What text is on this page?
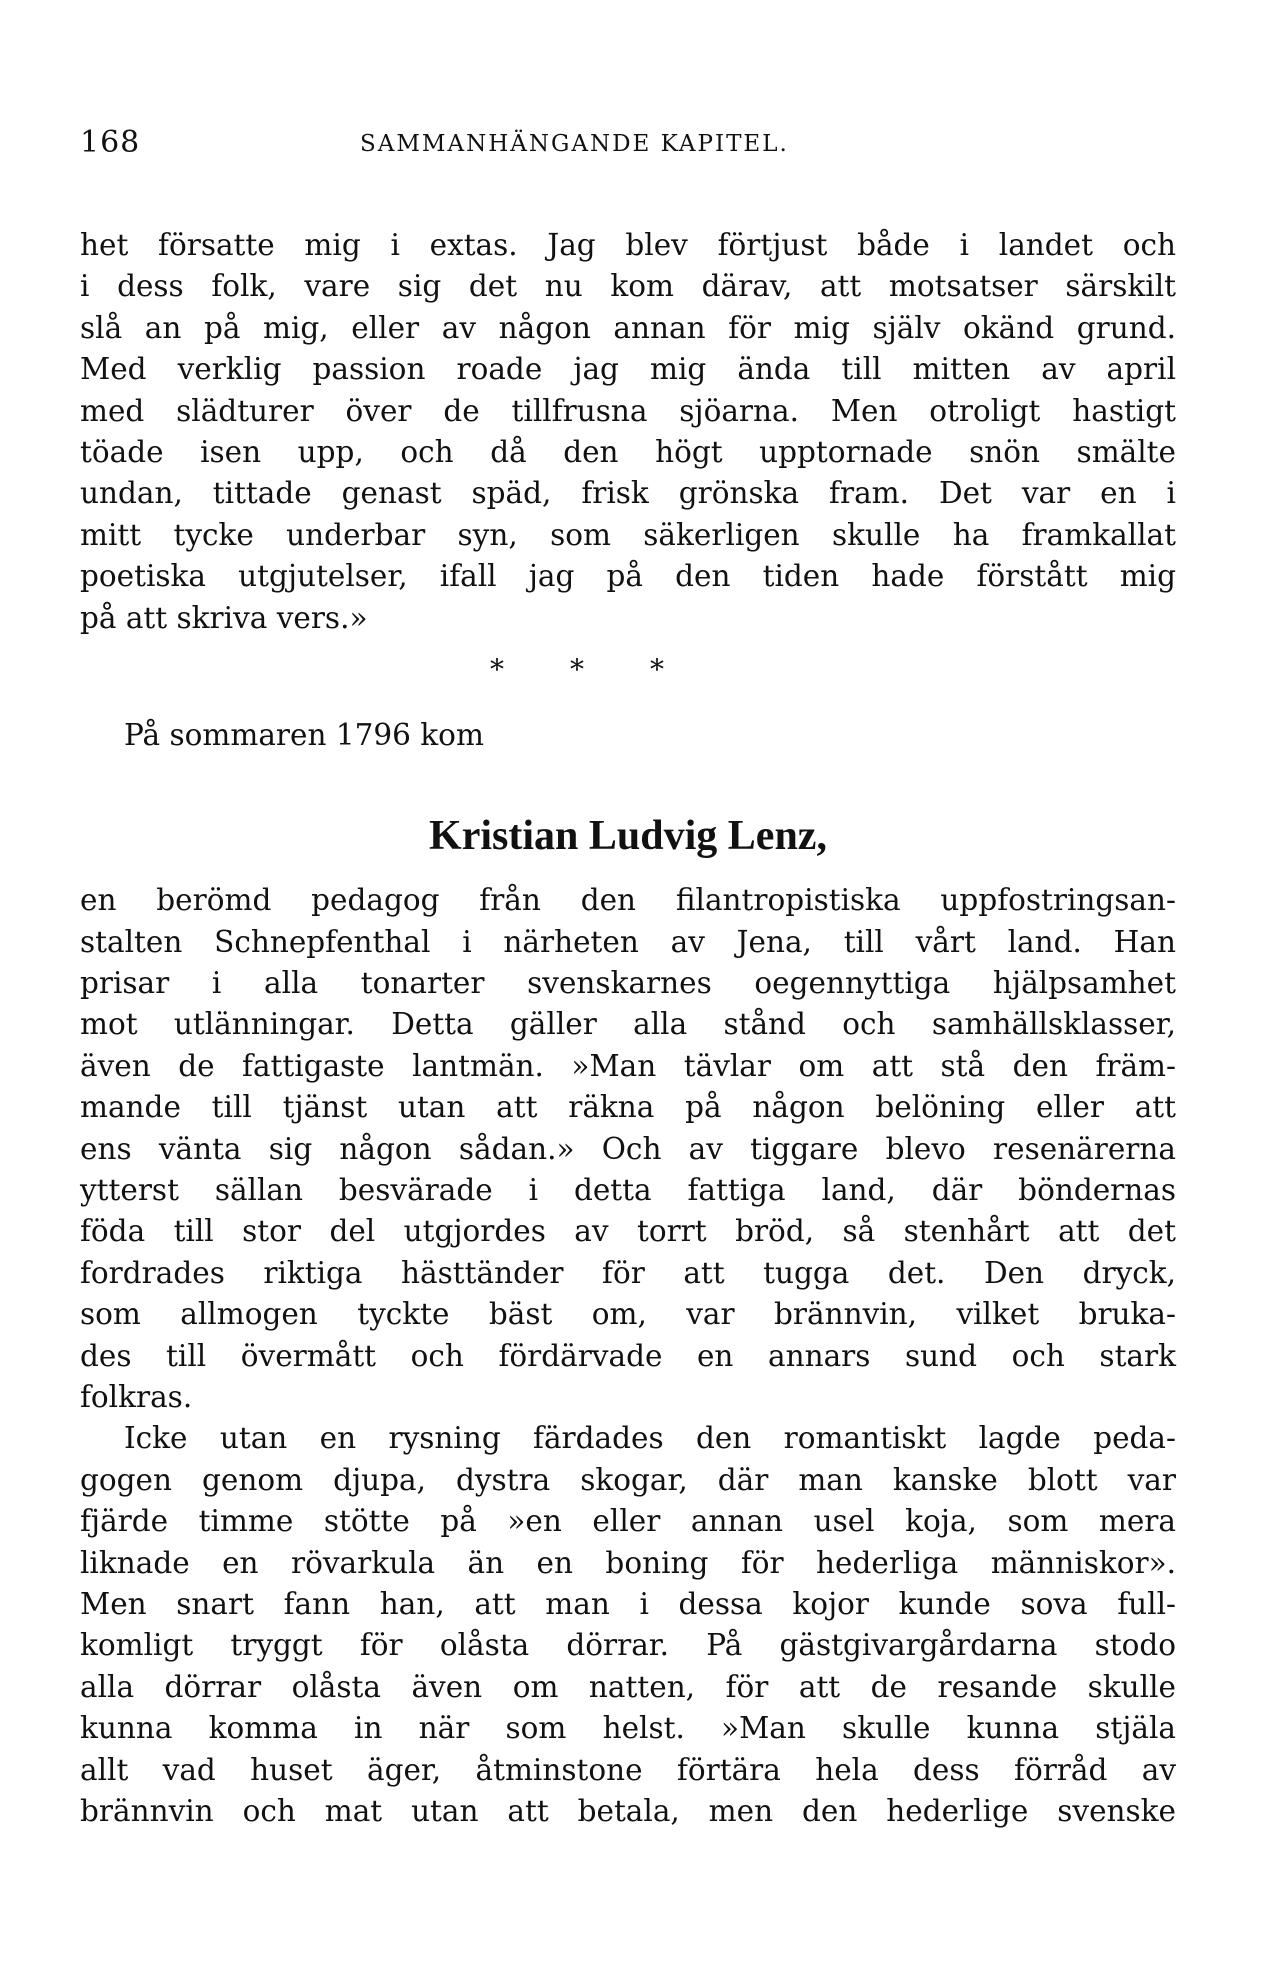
168	SAMMANHÄNGANDE KAPITEL.
het försatte mig i extas. Jag blev förtjust både i landet och
i dess folk, vare sig det nu kom därav, att motsatser särskilt
slå an på mig, eller av någon annan för mig själv okänd grund.
Med verklig passion roade jag mig ända till mitten av april
med slädturer över de tillfrusna sjöarna. Men otroligt hastigt
töade isen upp, och då den högt upptornade snön smälte
undan, tittade genast späd, frisk grönska fram. Det var en i
mitt tycke underbar syn, som säkerligen skulle ha framkallat
poetiska utgjutelser, ifall jag på den tiden hade förstått mig
på att skriva vers.»
* * *
På sommaren 1796 kom
Kristian Ludvig Lenz,
en berömd pedagog från den filantropistiska uppfostringsan-
stalten Schnepfenthal i närheten av Jena, till vårt land. Han
prisar i alla tonarter svenskarnes oegennyttiga hjälpsamhet
mot utlänningar. Detta gäller alla stånd och samhällsklasser,
även de fattigaste lantmän. »Man tävlar om att stå den främ-
mande till tjänst utan att räkna på någon belöning eller att
ens vänta sig någon sådan.» Och av tiggare blevo resenärerna
ytterst sällan besvärade i detta fattiga land, där böndernas
föda till stor del utgjordes av torrt bröd, så stenhårt att det
fordrades riktiga hästtänder för att tugga det. Den dryck,
som allmogen tyckte bäst om, var brännvin, vilket bruka-
des till övermått och fördärvade en annars sund och stark
folkras.
Icke utan en rysning färdades den romantiskt lagde peda-
gogen genom djupa, dystra skogar, där man kanske blott var
fjärde timme stötte på »en eller annan usel koja, som mera
liknade en rövarkula än en boning för hederliga människor».
Men snart fann han, att man i dessa kojor kunde sova full-
komligt tryggt för olåsta dörrar. På gästgivargårdarna stodo
alla dörrar olåsta även om natten, för att de resande skulle
kunna komma in när som helst. »Man skulle kunna stjäla
allt vad huset äger, åtminstone förtära hela dess förråd av
brännvin och mat utan att betala, men den hederlige svenske
